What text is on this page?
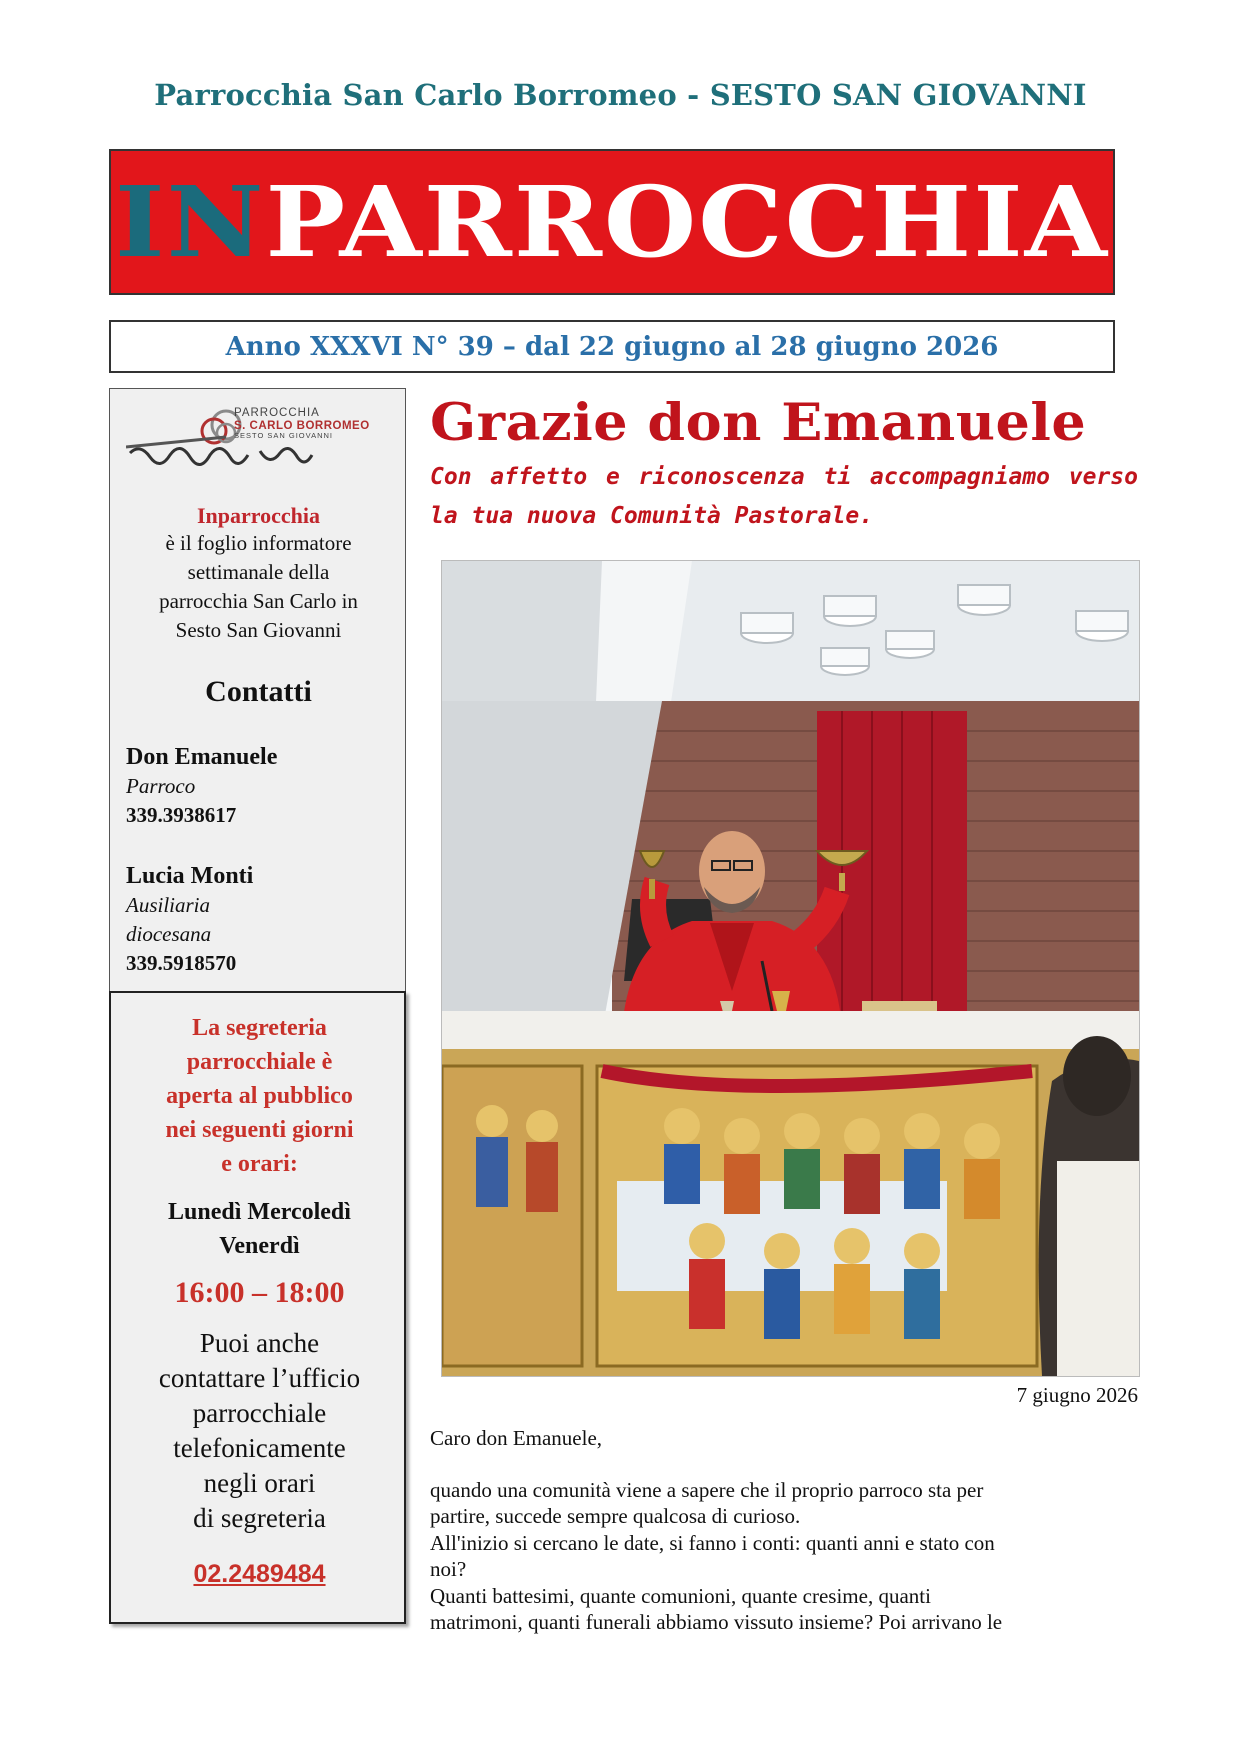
Parrocchia San Carlo Borromeo - SESTO SAN GIOVANNI
INPARROCCHIA
Anno XXXVI N° 39 – dal 22 giugno al 28 giugno 2026
PARROCCHIA
S. CARLO BORROMEO
SESTO SAN GIOVANNI
Inparrocchia
è il foglio informatore
settimanale della
parrocchia San Carlo in
Sesto San Giovanni
Contatti
Don Emanuele
Parroco
339.3938617
Lucia Monti
Ausiliaria
diocesana
339.5918570
La segreteria
parrocchiale è
aperta al pubblico
nei seguenti giorni
e orari:
Lunedì Mercoledì
Venerdì
16:00 – 18:00
Puoi anche
contattare l’ufficio
parrocchiale
telefonicamente
negli orari
di segreteria
02.2489484
Grazie don Emanuele
Con affetto e riconoscenza ti accompagniamo verso la tua nuova Comunità Pastorale.
7 giugno 2026

Caro don Emanuele,

quando una comunità viene a sapere che il proprio parroco sta per

partire, succede sempre qualcosa di curioso.

All'inizio si cercano le date, si fanno i conti: quanti anni e stato con

noi?

Quanti battesimi, quante comunioni, quante cresime, quanti

matrimoni, quanti funerali abbiamo vissuto insieme? Poi arrivano le
